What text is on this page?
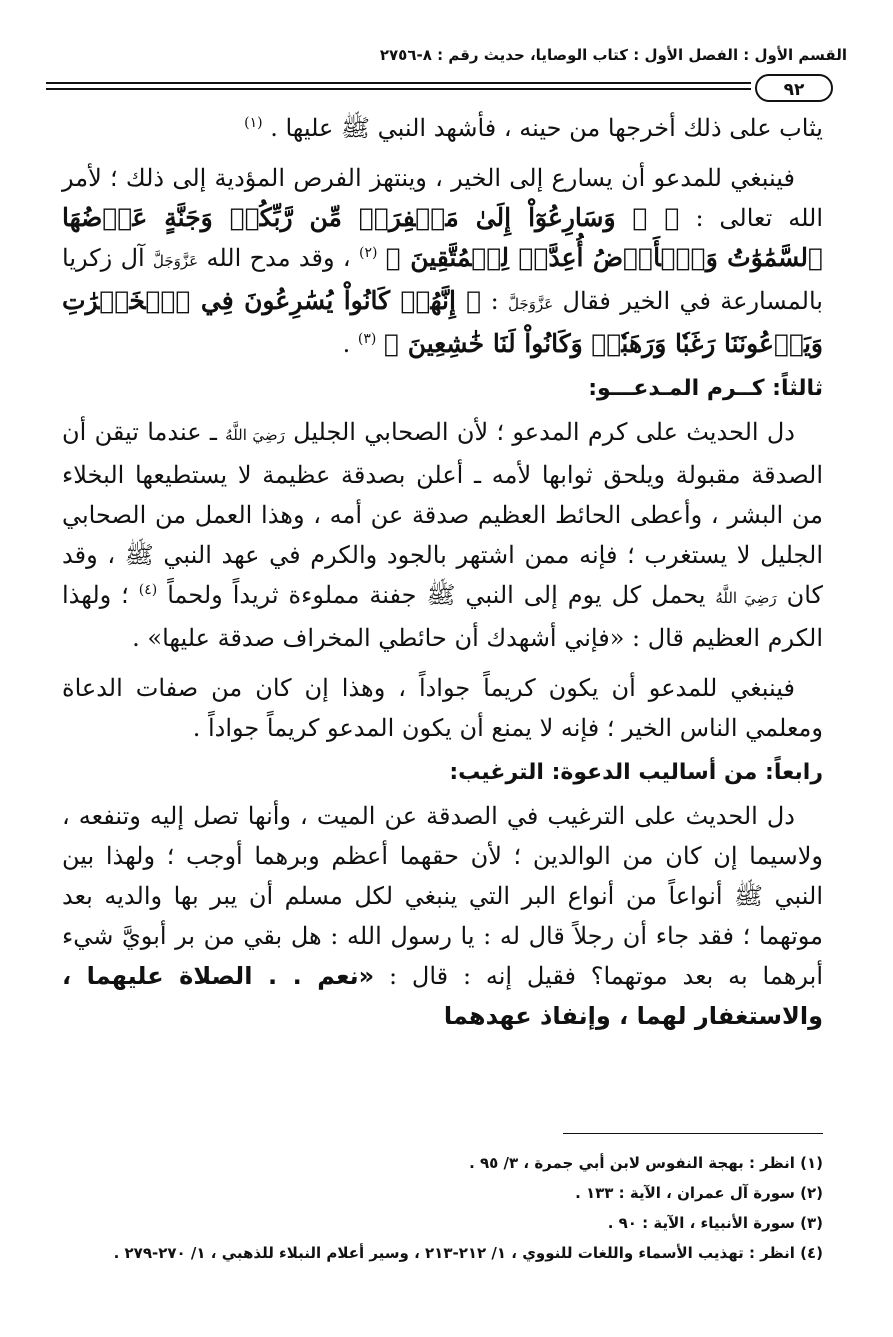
القسم الأول : الفصل الأول : كتاب الوصايا، حديث رقم : ٨-٢٧٥٦
٩٢

يثاب على ذلك أخرجها من حينه ، فأشهد النبي ﷺ عليها . $^{(١)}$

فينبغي للمدعو أن يسارع إلى الخير ، وينتهز الفرص المؤدية إلى ذلك ؛ لأمر الله تعالى : ﴿ ۞ وَسَارِعُوٓاْ إِلَىٰ مَغۡفِرَةٖ مِّن رَّبِّكُمۡ وَجَنَّةٍ عَرۡضُهَا ٱلسَّمَٰوَٰتُ وَٱلۡأَرۡضُ أُعِدَّتۡ لِلۡمُتَّقِينَ ﴾ $^{(٢)}$ ، وقد مدح الله عَزَّوَجَلَّ آل زكريا بالمسارعة في الخير فقال عَزَّوَجَلَّ : ﴿ إِنَّهُمۡ كَانُواْ يُسَٰرِعُونَ فِي ٱلۡخَيۡرَٰتِ وَيَدۡعُونَنَا رَغَبٗا وَرَهَبٗاۖ وَكَانُواْ لَنَا خَٰشِعِينَ ﴾ $^{(٣)}$ .

ثالثاً: كــرم المـدعـــو:

دل الحديث على كرم المدعو ؛ لأن الصحابي الجليل رَضِيَ اللَّهُ ـ عندما تيقن أن الصدقة مقبولة ويلحق ثوابها لأمه ـ أعلن بصدقة عظيمة لا يستطيعها البخلاء من البشر ، وأعطى الحائط العظيم صدقة عن أمه ، وهذا العمل من الصحابي الجليل لا يستغرب ؛ فإنه ممن اشتهر بالجود والكرم في عهد النبي ﷺ ، وقد كان رَضِيَ اللَّهُ يحمل كل يوم إلى النبي ﷺ جفنة مملوءة ثريداً ولحماً $^{(٤)}$ ؛ ولهذا الكرم العظيم قال : «فإني أشهدك أن حائطي المخراف صدقة عليها» .

فينبغي للمدعو أن يكون كريماً جواداً ، وهذا إن كان من صفات الدعاة ومعلمي الناس الخير ؛ فإنه لا يمنع أن يكون المدعو كريماً جواداً .

رابعاً: من أساليب الدعوة: الترغيب:

دل الحديث على الترغيب في الصدقة عن الميت ، وأنها تصل إليه وتنفعه ، ولاسيما إن كان من الوالدين ؛ لأن حقهما أعظم وبرهما أوجب ؛ ولهذا بين النبي ﷺ أنواعاً من أنواع البر التي ينبغي لكل مسلم أن يبر بها والديه بعد موتهما ؛ فقد جاء أن رجلاً قال له : يا رسول الله : هل بقي من بر أبويَّ شيء أبرهما به بعد موتهما؟ فقيل إنه : قال : «نعم . . الصلاة عليهما ، والاستغفار لهما ، وإنفاذ عهدهما

(١) انظر : بهجة النفوس لابن أبي جمرة ، ٣/ ٩٥ .

(٢) سورة آل عمران ، الآية : ١٣٣ .

(٣) سورة الأنبياء ، الآية : ٩٠ .

(٤) انظر : تهذيب الأسماء واللغات للنووي ، ١/ ٢١٢-٢١٣ ، وسير أعلام النبلاء للذهبي ، ١/ ٢٧٠-٢٧٩ .
